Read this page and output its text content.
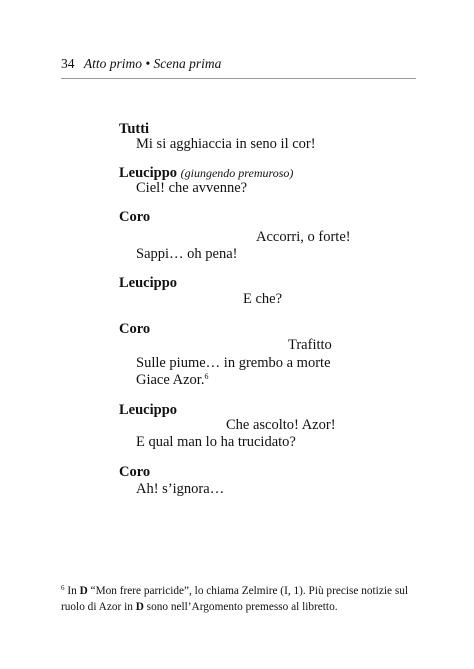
34 Atto primo • Scena prima
Tutti
Mi si agghiaccia in seno il cor!
Leucippo (giungendo premuroso)
Ciel! che avvenne?
Coro
Accorri, o forte!
Sappi… oh pena!
Leucippo
E che?
Coro
Trafitto
Sulle piume… in grembo a morte
Giace Azor.$^6$
Leucippo
Che ascolto! Azor!
E qual man lo ha trucidato?
Coro
Ah! s’ignora…
$^6$ In D “Mon frere parricide”, lo chiama Zelmire (I, 1). Più precise notizie sul ruolo di Azor in D sono nell’Argomento premesso al libretto.
